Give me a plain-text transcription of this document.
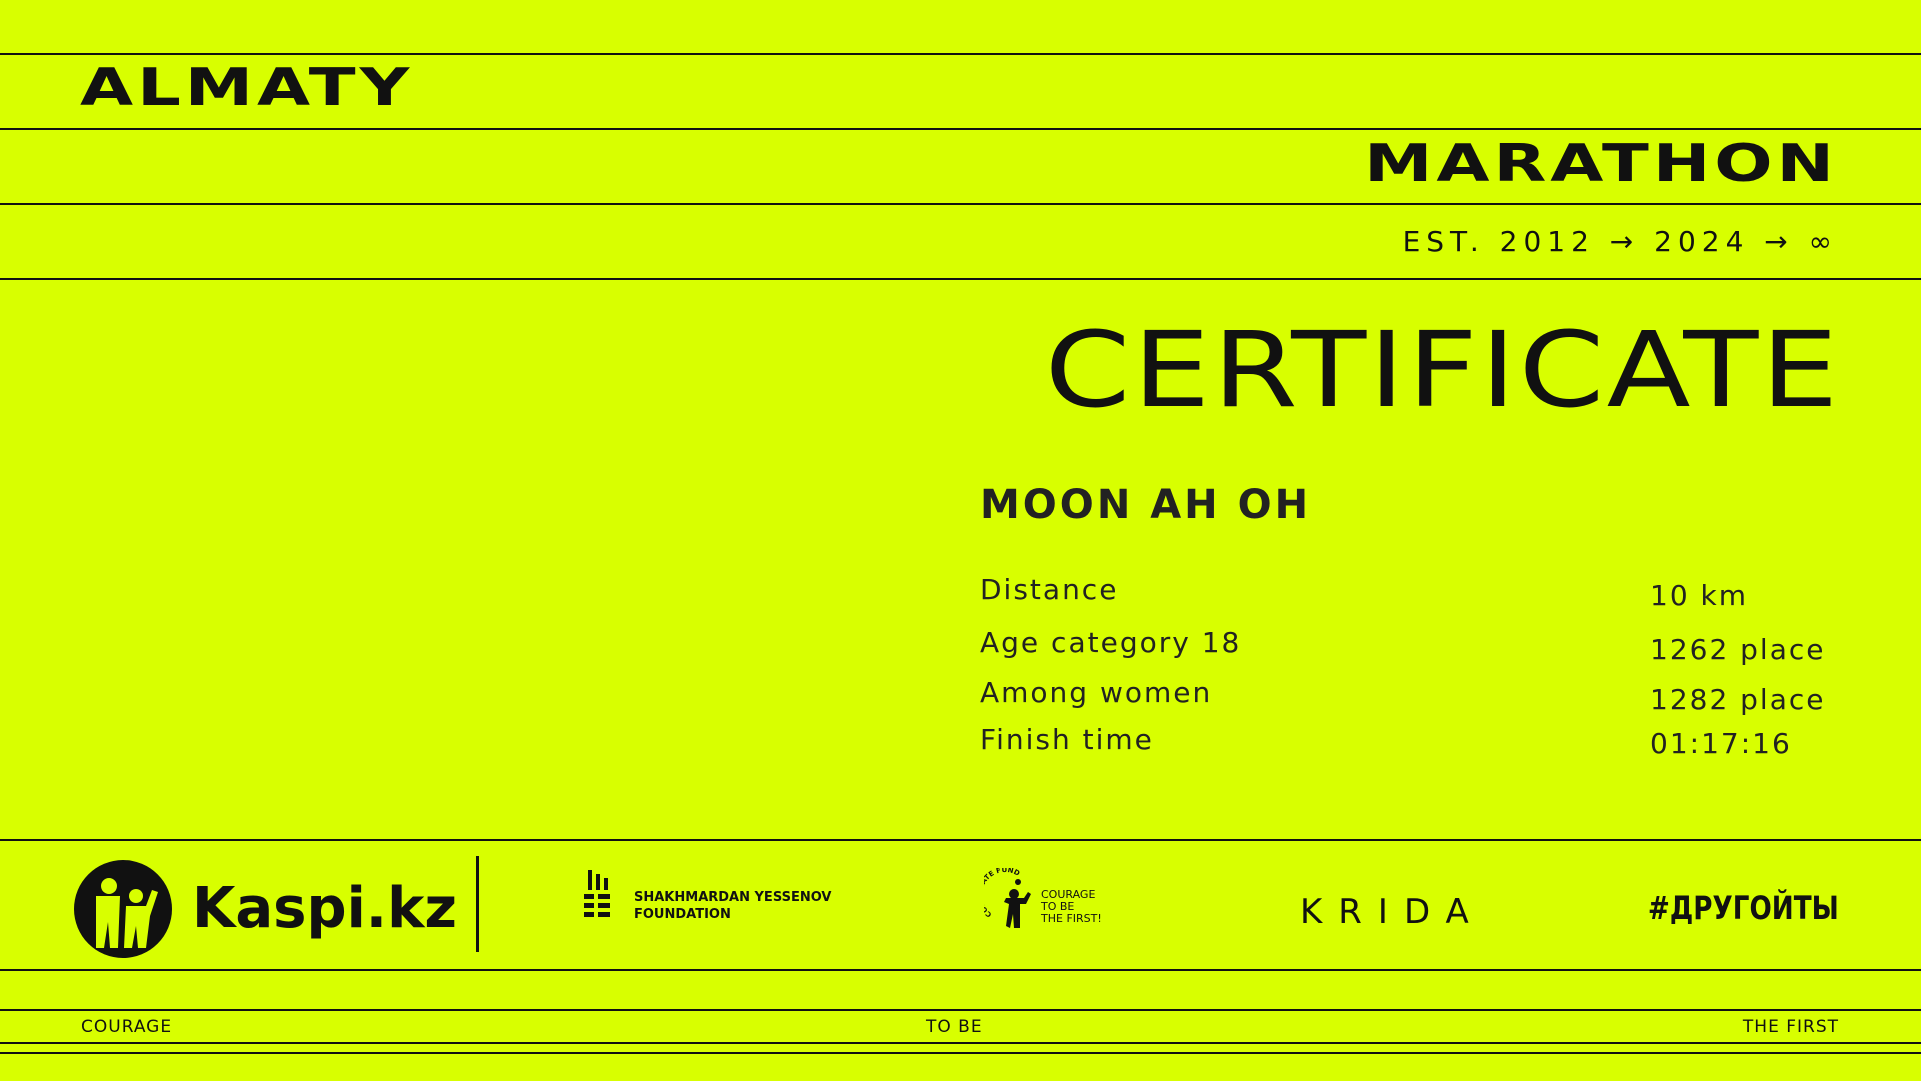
ALMATY
MARATHON
EST. 2012 → 2024 → ∞
CERTIFICATE
MOON AH OH
Distance	10 km
Age category 18	1262 place
Among women	1282 place
Finish time	01:17:16
Kaspi.kz	SHAKHMARDAN YESSENOV
FOUNDATION	C E FUND
COURAGE
TO BE
THE FIRST!	KRIDA	#ДРУГОЙТЫ
COURAGE	TO BE	THE FIRST
